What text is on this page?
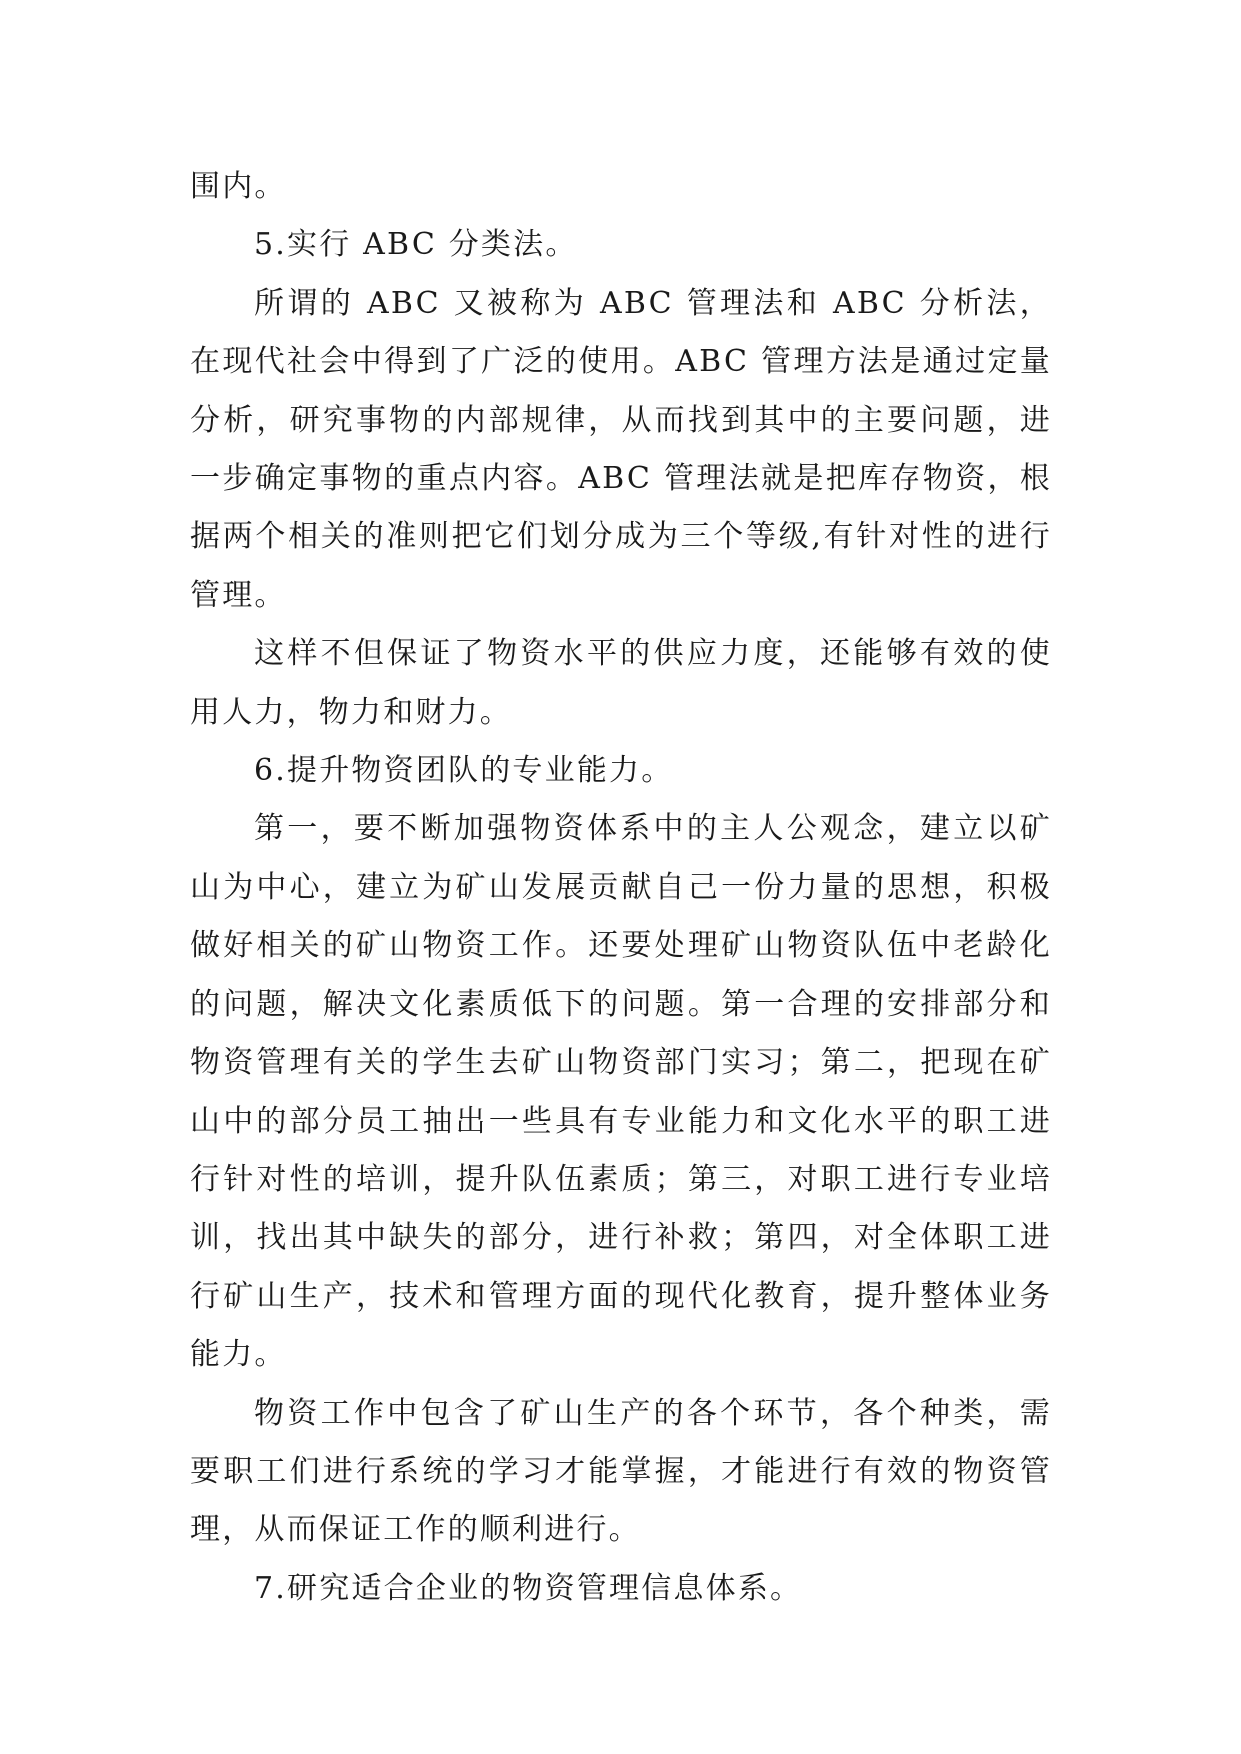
围内。

5.实行 ABC 分类法。

所谓的 ABC 又被称为 ABC 管理法和 ABC 分析法，在现代社会中得到了广泛的使用。ABC 管理方法是通过定量分析，研究事物的内部规律，从而找到其中的主要问题，进一步确定事物的重点内容。ABC 管理法就是把库存物资，根据两个相关的准则把它们划分成为三个等级,有针对性的进行管理。

这样不但保证了物资水平的供应力度，还能够有效的使用人力，物力和财力。

6.提升物资团队的专业能力。

第一，要不断加强物资体系中的主人公观念，建立以矿山为中心，建立为矿山发展贡献自己一份力量的思想，积极做好相关的矿山物资工作。还要处理矿山物资队伍中老龄化的问题，解决文化素质低下的问题。第一合理的安排部分和物资管理有关的学生去矿山物资部门实习；第二，把现在矿山中的部分员工抽出一些具有专业能力和文化水平的职工进行针对性的培训，提升队伍素质；第三，对职工进行专业培训，找出其中缺失的部分，进行补救；第四，对全体职工进行矿山生产，技术和管理方面的现代化教育，提升整体业务能力。

物资工作中包含了矿山生产的各个环节，各个种类，需要职工们进行系统的学习才能掌握，才能进行有效的物资管理，从而保证工作的顺利进行。

7.研究适合企业的物资管理信息体系。
